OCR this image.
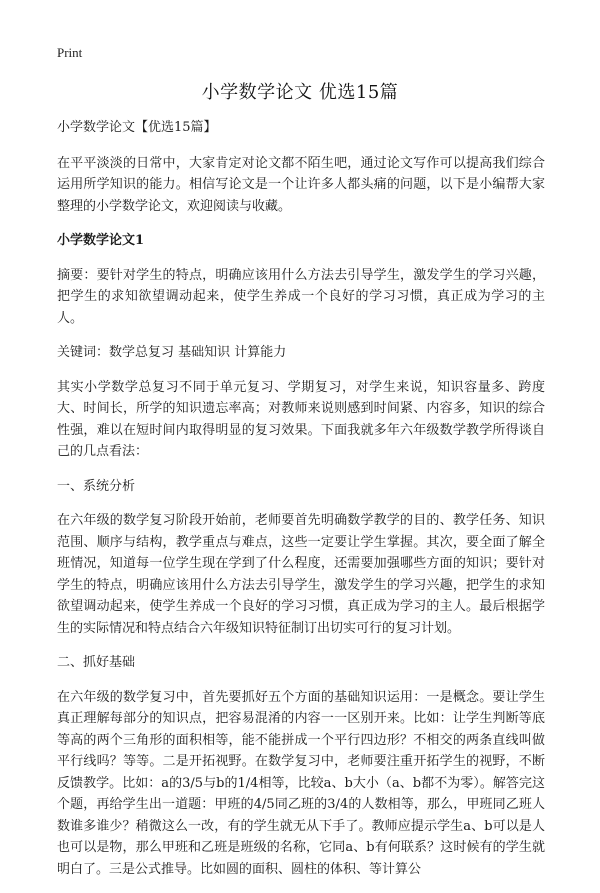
Print
小学数学论文 优选15篇

小学数学论文【优选15篇】

在平平淡淡的日常中，大家肯定对论文都不陌生吧，通过论文写作可以提高我们综合运用所学知识的能力。相信写论文是一个让许多人都头痛的问题，以下是小编帮大家整理的小学数学论文，欢迎阅读与收藏。

小学数学论文1

摘要：要针对学生的特点，明确应该用什么方法去引导学生，激发学生的学习兴趣，把学生的求知欲望调动起来，使学生养成一个良好的学习习惯，真正成为学习的主人。

关键词：数学总复习 基础知识 计算能力

其实小学数学总复习不同于单元复习、学期复习，对学生来说，知识容量多、跨度大、时间长，所学的知识遗忘率高；对教师来说则感到时间紧、内容多，知识的综合性强，难以在短时间内取得明显的复习效果。下面我就多年六年级数学教学所得谈自己的几点看法：

一、系统分析

在六年级的数学复习阶段开始前，老师要首先明确数学教学的目的、教学任务、知识范围、顺序与结构，教学重点与难点，这些一定要让学生掌握。其次，要全面了解全班情况，知道每一位学生现在学到了什么程度，还需要加强哪些方面的知识；要针对学生的特点，明确应该用什么方法去引导学生，激发学生的学习兴趣，把学生的求知欲望调动起来，使学生养成一个良好的学习习惯，真正成为学习的主人。最后根据学生的实际情况和特点结合六年级知识特征制订出切实可行的复习计划。

二、抓好基础

在六年级的数学复习中，首先要抓好五个方面的基础知识运用：一是概念。要让学生真正理解每部分的知识点，把容易混淆的内容一一区别开来。比如：让学生判断等底等高的两个三角形的面积相等，能不能拼成一个平行四边形？不相交的两条直线叫做平行线吗？等等。二是开拓视野。在数学复习中，老师要注重开拓学生的视野，不断反馈教学。比如：a的3/5与b的1/4相等，比较a、b大小（a、b都不为零）。解答完这个题，再给学生出一道题：甲班的4/5同乙班的3/4的人数相等，那么，甲班同乙班人数谁多谁少？稍微这么一改，有的学生就无从下手了。教师应提示学生a、b可以是人也可以是物，那么甲班和乙班是班级的名称，它同a、b有何联系？这时候有的学生就明白了。三是公式推导。比如圆的面积、圆柱的体积、等计算公
